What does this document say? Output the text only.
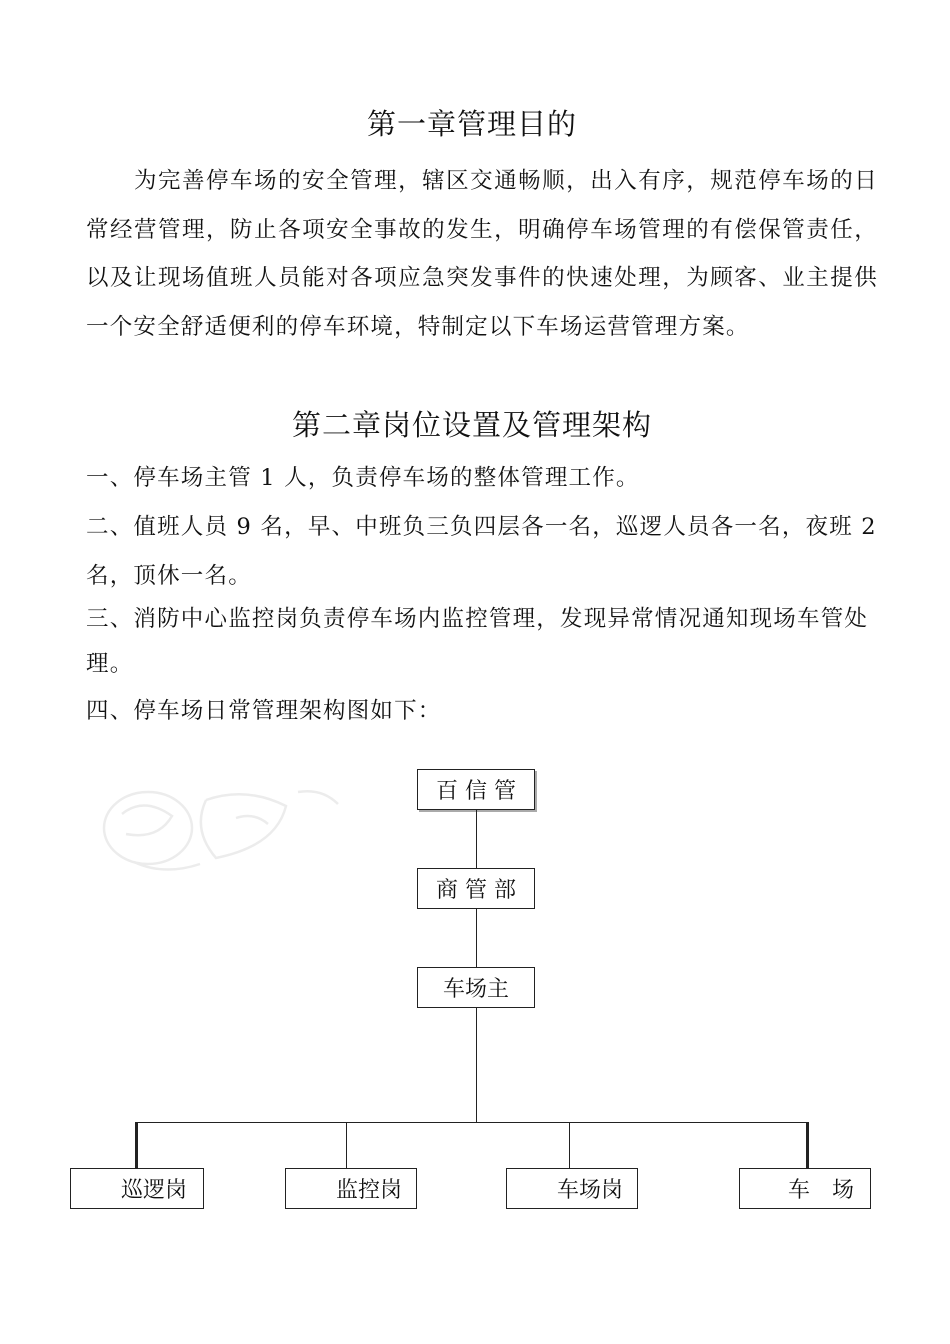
第一章管理目的

为完善停车场的安全管理，辖区交通畅顺，出入有序，规范停车场的日常经营管理，防止各项安全事故的发生，明确停车场管理的有偿保管责任，以及让现场值班人员能对各项应急突发事件的快速处理，为顾客、业主提供一个安全舒适便利的停车环境，特制定以下车场运营管理方案。

第二章岗位设置及管理架构

一、停车场主管 1 人，负责停车场的整体管理工作。

二、值班人员 9 名，早、中班负三负四层各一名，巡逻人员各一名，夜班 2

名，顶休一名。

三、消防中心监控岗负责停车场内监控管理，发现异常情况通知现场车管处

理。

四、停车场日常管理架构图如下：

百 信 管
商 管 部
车场主
巡逻岗	监控岗	车场岗	车　场
